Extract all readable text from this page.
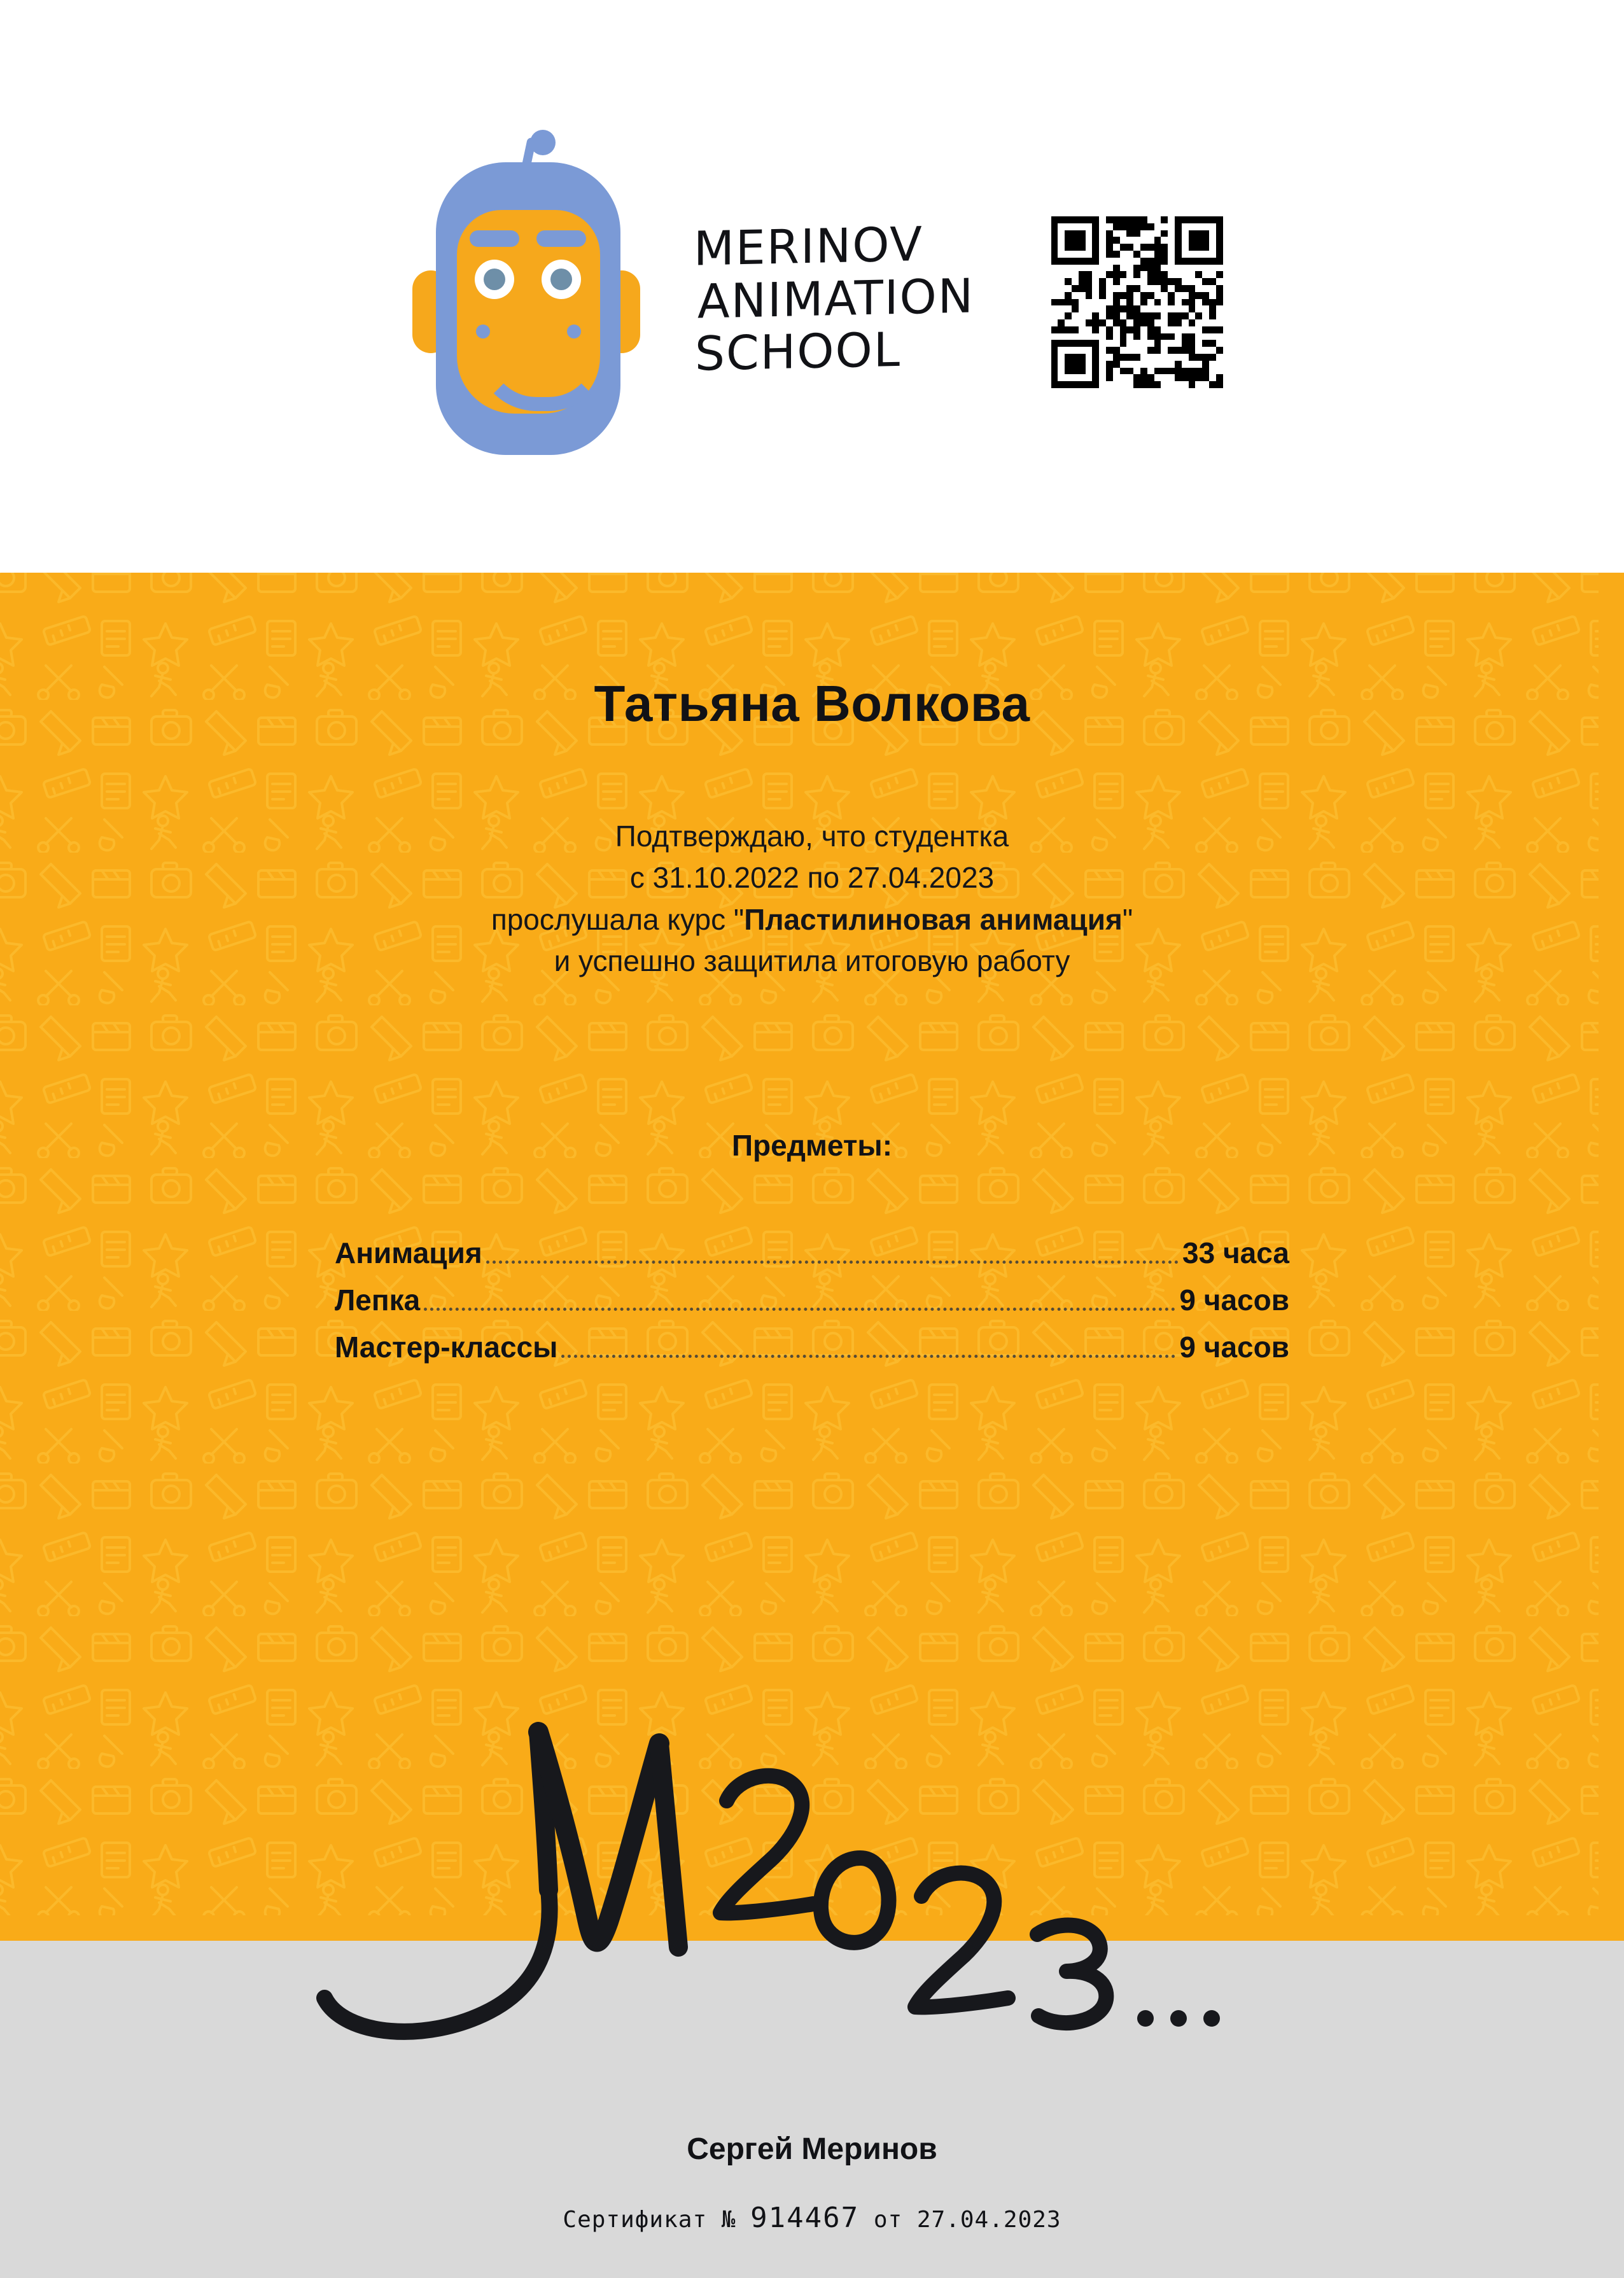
MERINOV
ANIMATION
SCHOOL
Татьяна Волкова
Подтверждаю, что студентка
с 31.10.2022 по 27.04.2023
прослушала курс "Пластилиновая анимация"
и успешно защитила итоговую работу
Предметы:
Анимация	33 часа
Лепка	9 часов
Мастер-классы	9 часов
Сергей Меринов
Сертификат № 914467 от 27.04.2023
